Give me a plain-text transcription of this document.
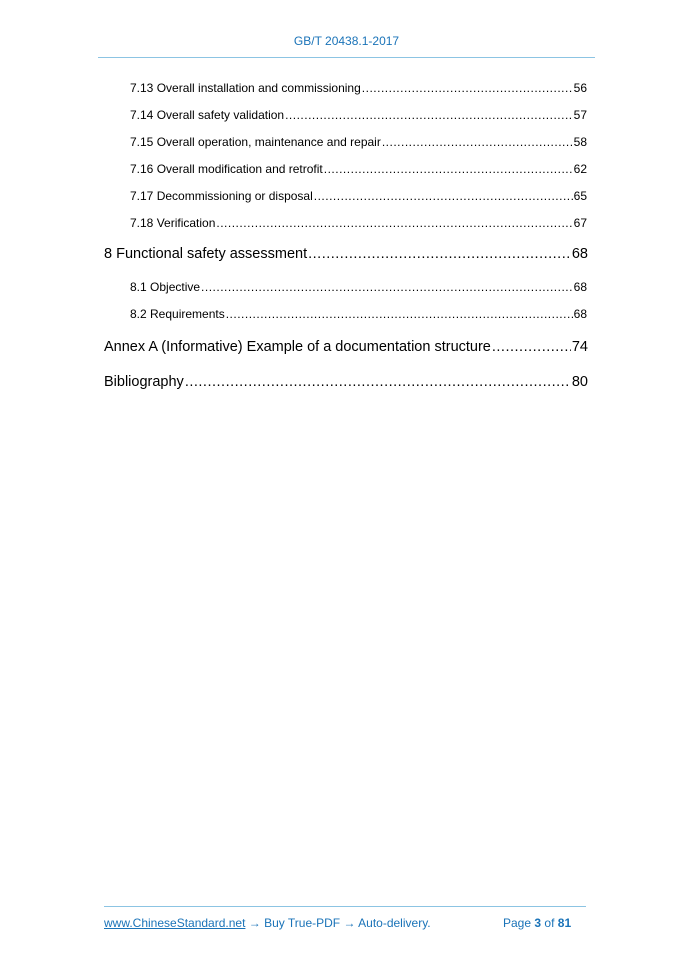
GB/T 20438.1-2017
7.13 Overall installation and commissioning .....	56
7.14 Overall safety validation .....	57
7.15 Overall operation, maintenance and repair .....	58
7.16 Overall modification and retrofit .....	62
7.17 Decommissioning or disposal .....	65
7.18 Verification .....	67
8 Functional safety assessment .....	68
8.1 Objective .....	68
8.2 Requirements .....	68
Annex A (Informative) Example of a documentation structure .....	74
Bibliography .....	80
www.ChineseStandard.net → Buy True-PDF → Auto-delivery.	Page 3 of 81
